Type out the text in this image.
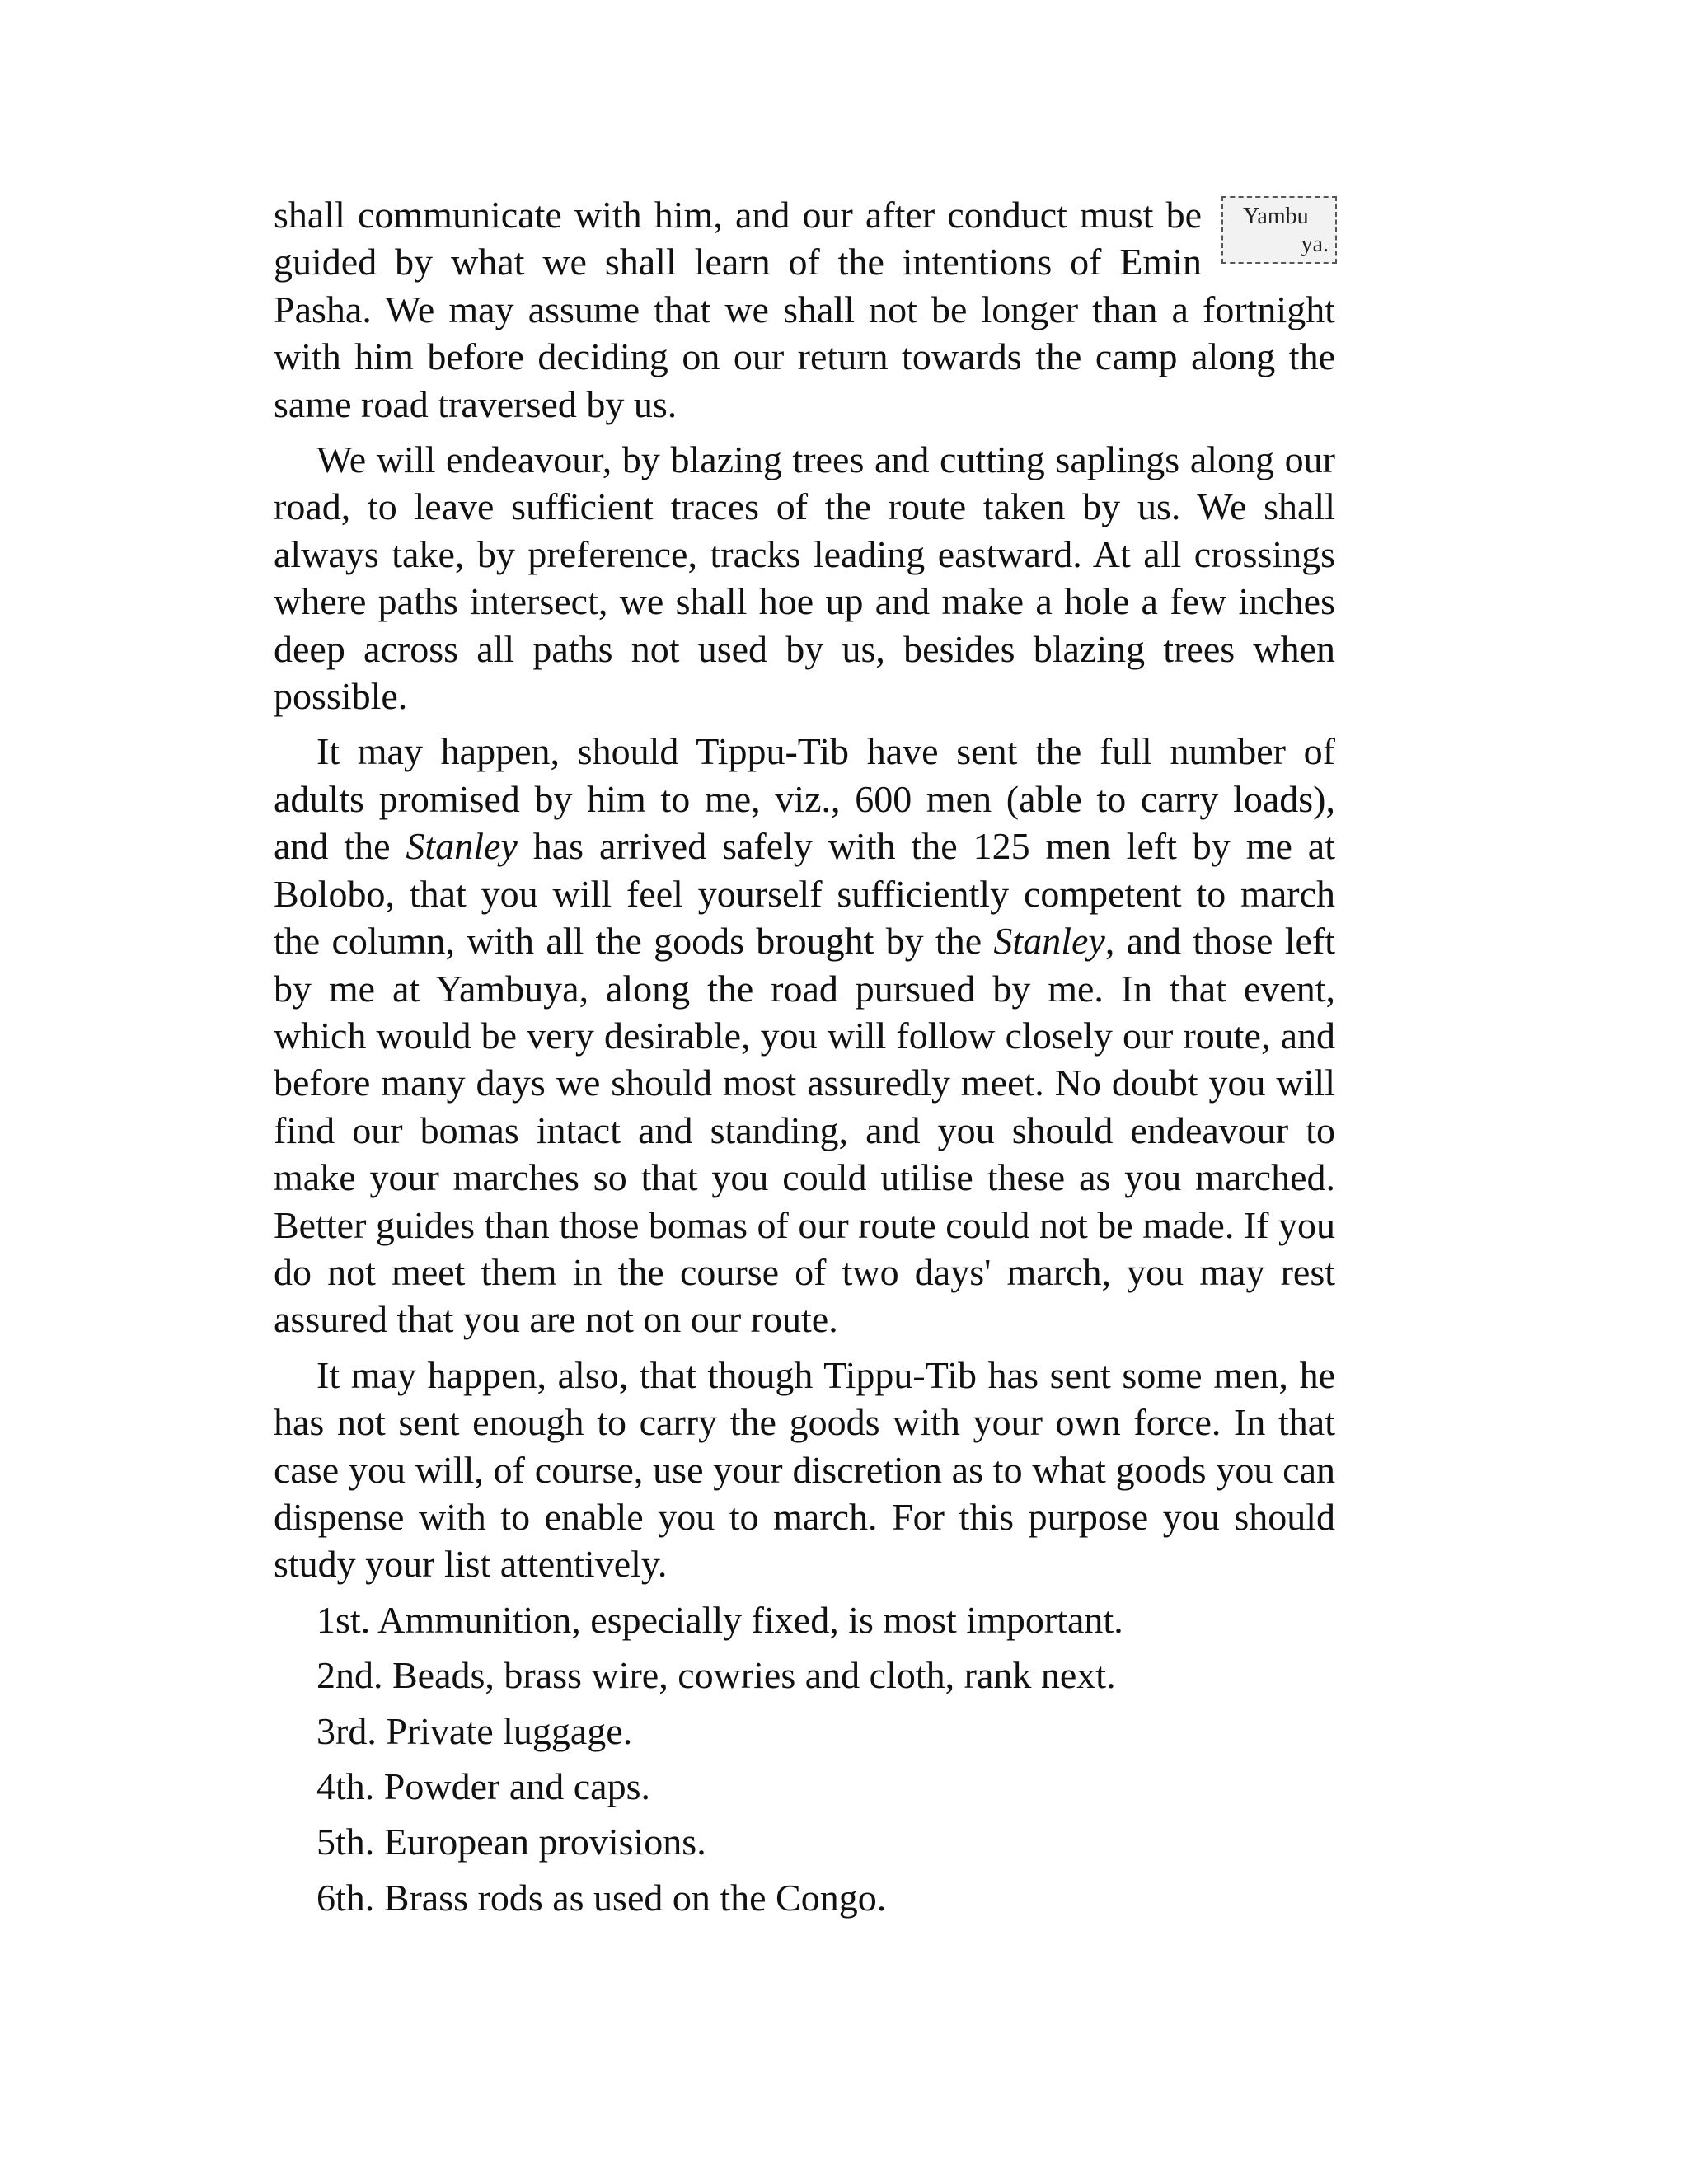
Yambu
ya.

shall communicate with him, and our after conduct must be guided by what we shall learn of the intentions of Emin Pasha. We may assume that we shall not be longer than a fortnight with him before deciding on our return towards the camp along the same road traversed by us.

We will endeavour, by blazing trees and cutting saplings along our road, to leave sufficient traces of the route taken by us. We shall always take, by preference, tracks leading eastward. At all crossings where paths intersect, we shall hoe up and make a hole a few inches deep across all paths not used by us, besides blazing trees when possible.

It may happen, should Tippu-Tib have sent the full number of adults promised by him to me, viz., 600 men (able to carry loads), and the Stanley has arrived safely with the 125 men left by me at Bolobo, that you will feel yourself sufficiently competent to march the column, with all the goods brought by the Stanley, and those left by me at Yambuya, along the road pursued by me. In that event, which would be very desirable, you will follow closely our route, and before many days we should most assuredly meet. No doubt you will find our bomas intact and standing, and you should endeavour to make your marches so that you could utilise these as you marched. Better guides than those bomas of our route could not be made. If you do not meet them in the course of two days' march, you may rest assured that you are not on our route.

It may happen, also, that though Tippu-Tib has sent some men, he has not sent enough to carry the goods with your own force. In that case you will, of course, use your discretion as to what goods you can dispense with to enable you to march. For this purpose you should study your list attentively.

1st. Ammunition, especially fixed, is most important.
2nd. Beads, brass wire, cowries and cloth, rank next.
3rd. Private luggage.
4th. Powder and caps.
5th. European provisions.
6th. Brass rods as used on the Congo.
